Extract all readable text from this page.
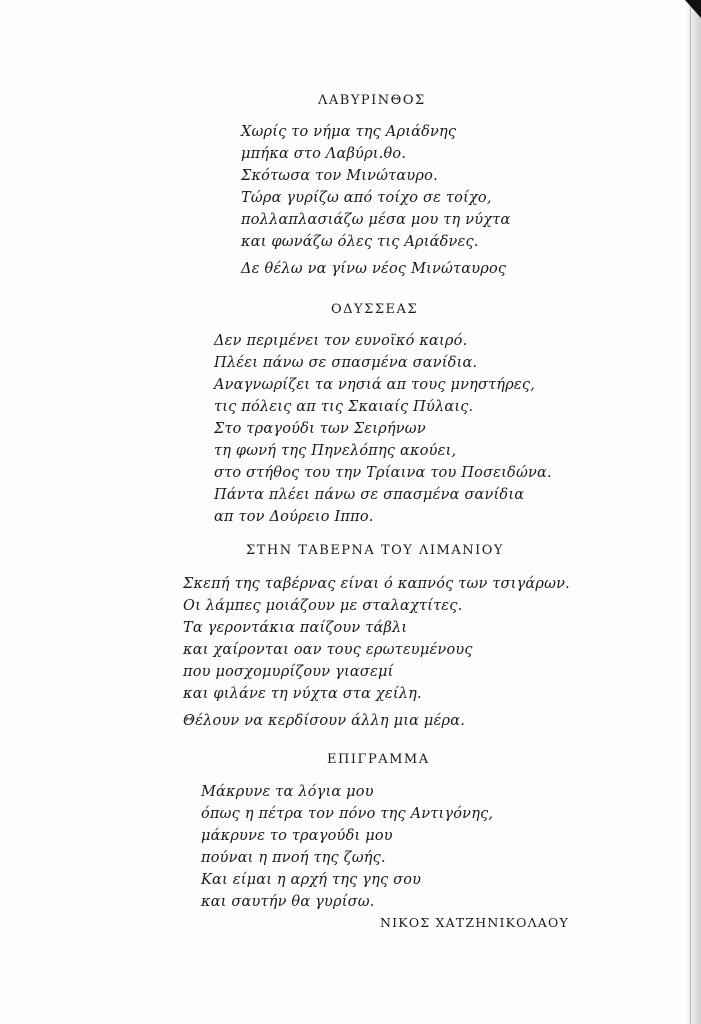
ΛΑΒΥΡΙΝΘΟΣ
Χωρίς το νήμα της Αριάδνης
μπήκα στο Λαβύρι.θο.
Σκότωσα τον Μινώταυρο.
Τώρα γυρίζω από τοίχο σε τοίχο,
πολλαπλασιάζω μέσα μου τη νύχτα
και φωνάζω όλες τις Αριάδνες.
Δε θέλω να γίνω νέος Μινώταυρος
ΟΔΥΣΣΕΑΣ
Δεν περιμένει τον ευνοϊκό καιρό.
Πλέει πάνω σε σπασμένα σανίδια.
Αναγνωρίζει τα νησιά απ τους μνηστήρες,
τις πόλεις απ τις Σκαιαίς Πύλαις.
Στο τραγούδι των Σειρήνων
τη φωνή της Πηνελόπης ακούει,
στο στήθος του την Τρίαινα του Ποσειδώνα.
Πάντα πλέει πάνω σε σπασμένα σανίδια
απ τον Δούρειο Ιππο.
ΣΤΗΝ ΤΑΒΕΡΝΑ ΤΟΥ ΛΙΜΑΝΙΟΥ
Σκεπή της ταβέρνας είναι ό καπνός των τσιγάρων.
Οι λάμπες μοιάζουν με σταλαχτίτες.
Τα γεροντάκια παίζουν τάβλι
και χαίρονται οαν τους ερωτευμένους
που μοσχομυρίζουν γιασεμί
και φιλάνε τη νύχτα στα χείλη.
Θέλουν να κερδίσουν άλλη μια μέρα.
ΕΠΙΓΡΑΜΜΑ
Μάκρυνε τα λόγια μου
όπως η πέτρα τον πόνο της Αντιγόνης,
μάκρυνε το τραγούδι μου
πούναι η πνοή της ζωής.
Και είμαι η αρχή της γης σου
και σαυτήν θα γυρίσω.
ΝΙΚΟΣ ΧΑΤΖΗΝΙΚΟΛΑΟΥ
